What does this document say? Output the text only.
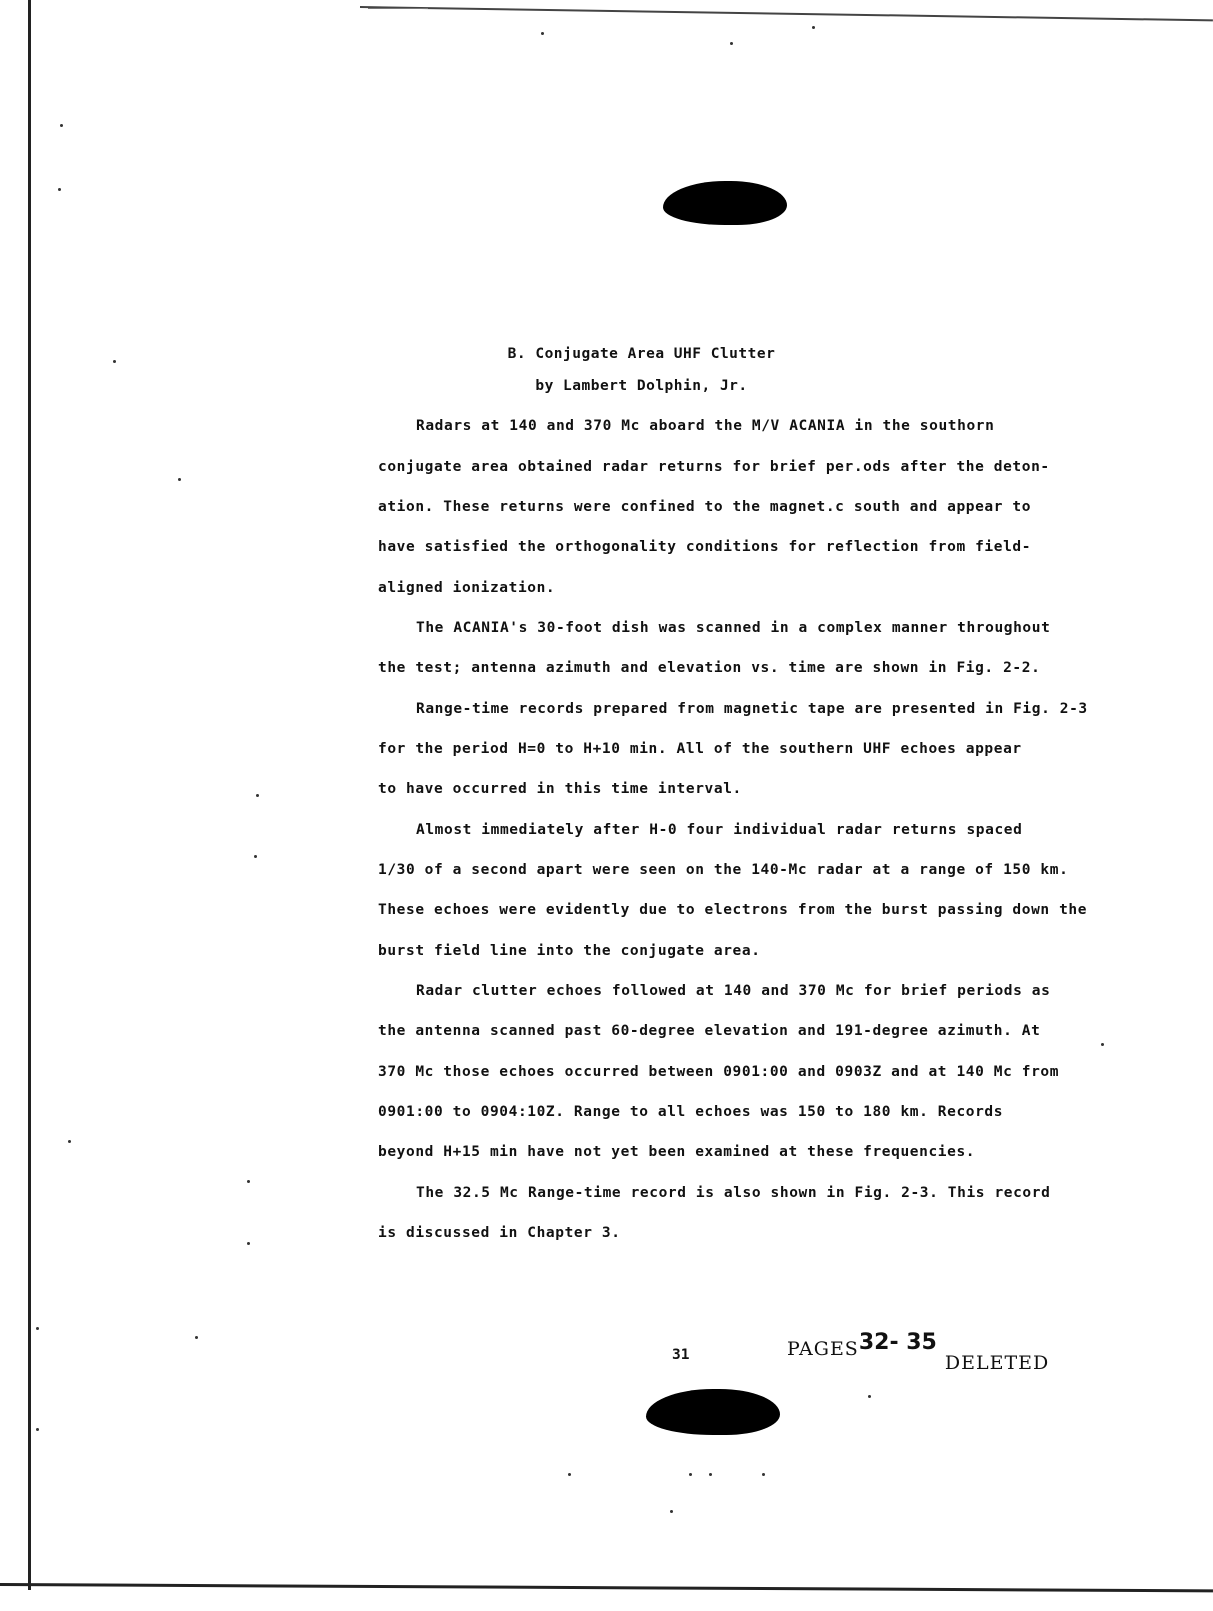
B. Conjugate Area UHF Clutter
by Lambert Dolphin, Jr.
Radars at 140 and 370 Mc aboard the M/V ACANIA in the southorn
conjugate area obtained radar returns for brief per.ods after the deton-
ation. These returns were confined to the magnet.c south and appear to
have satisfied the orthogonality conditions for reflection from field-
aligned ionization.
The ACANIA's 30-foot dish was scanned in a complex manner throughout
the test; antenna azimuth and elevation vs. time are shown in Fig. 2-2.
Range-time records prepared from magnetic tape are presented in Fig. 2-3
for the period H=0 to H+10 min. All of the southern UHF echoes appear
to have occurred in this time interval.
Almost immediately after H-0 four individual radar returns spaced
1/30 of a second apart were seen on the 140-Mc radar at a range of 150 km.
These echoes were evidently due to electrons from the burst passing down the
burst field line into the conjugate area.
Radar clutter echoes followed at 140 and 370 Mc for brief periods as
the antenna scanned past 60-degree elevation and 191-degree azimuth. At
370 Mc those echoes occurred between 0901:00 and 0903Z and at 140 Mc from
0901:00 to 0904:10Z. Range to all echoes was 150 to 180 km. Records
beyond H+15 min have not yet been examined at these frequencies.
The 32.5 Mc Range-time record is also shown in Fig. 2-3. This record
is discussed in Chapter 3.
31	PAGES32- 35DELETED
